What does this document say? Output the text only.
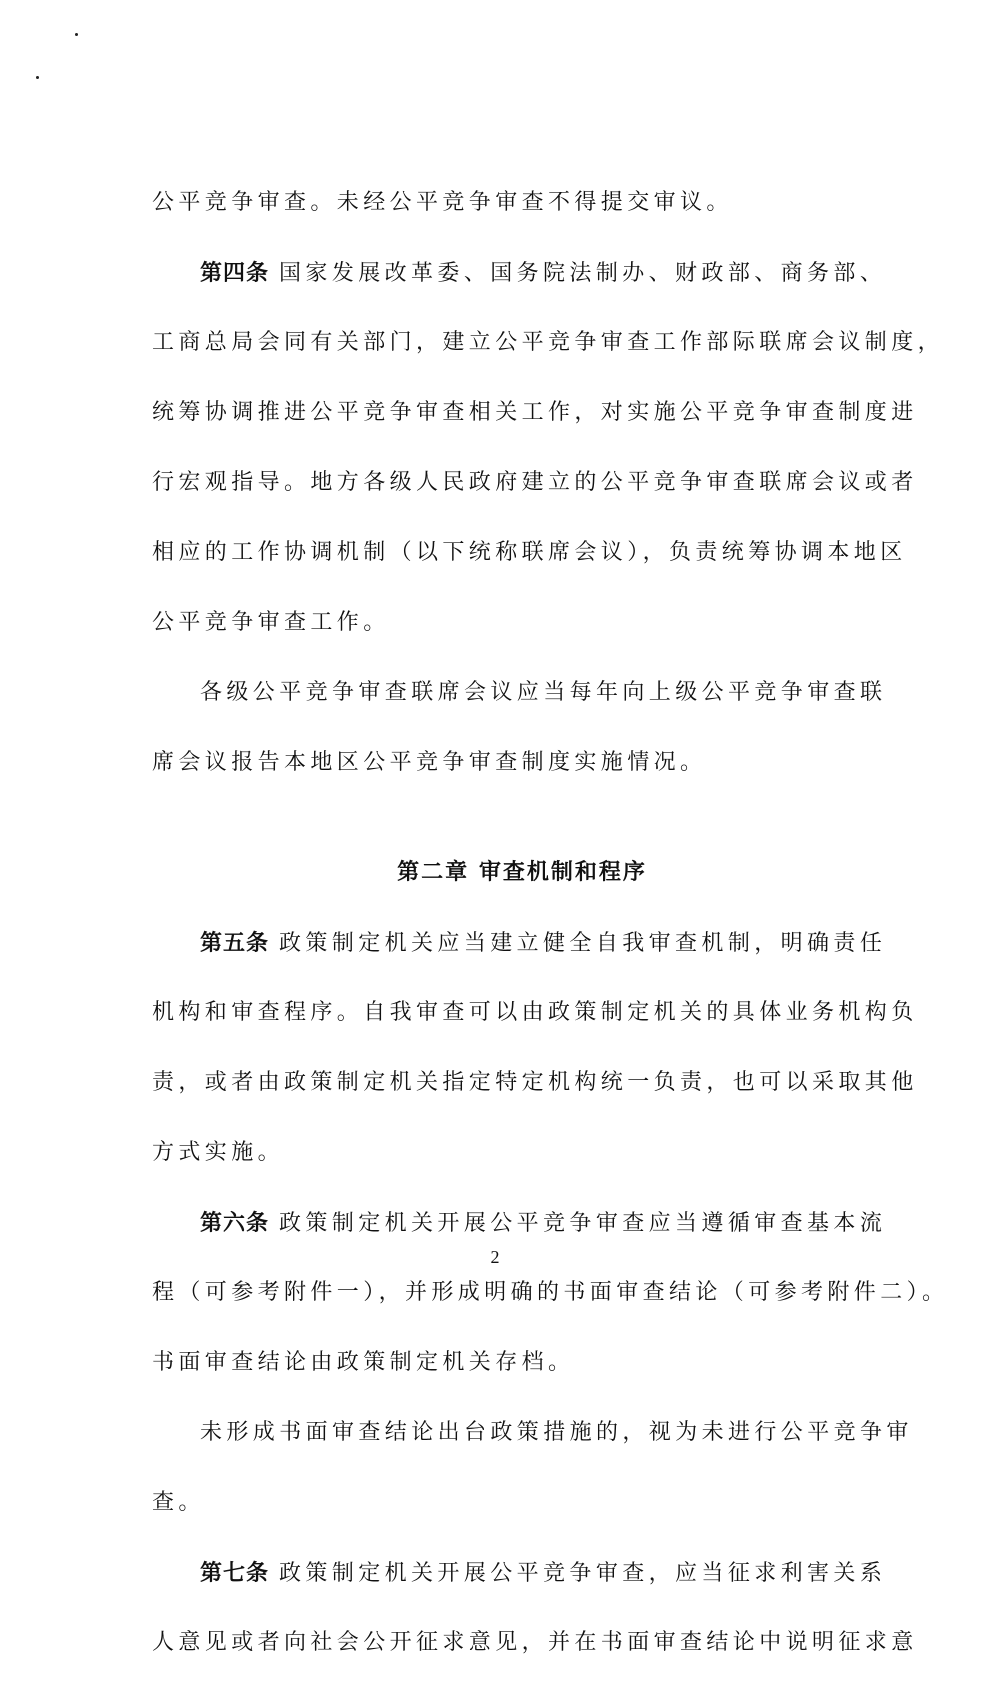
公平竞争审查。未经公平竞争审查不得提交审议。
第四条 国家发展改革委、国务院法制办、财政部、商务部、
工商总局会同有关部门，建立公平竞争审查工作部际联席会议制度，
统筹协调推进公平竞争审查相关工作，对实施公平竞争审查制度进
行宏观指导。地方各级人民政府建立的公平竞争审查联席会议或者
相应的工作协调机制（以下统称联席会议），负责统筹协调本地区
公平竞争审查工作。
各级公平竞争审查联席会议应当每年向上级公平竞争审查联
席会议报告本地区公平竞争审查制度实施情况。
第二章 审查机制和程序
第五条 政策制定机关应当建立健全自我审查机制，明确责任
机构和审查程序。自我审查可以由政策制定机关的具体业务机构负
责，或者由政策制定机关指定特定机构统一负责，也可以采取其他
方式实施。
第六条 政策制定机关开展公平竞争审查应当遵循审查基本流
程（可参考附件一），并形成明确的书面审查结论（可参考附件二）。
书面审查结论由政策制定机关存档。
未形成书面审查结论出台政策措施的，视为未进行公平竞争审
查。
第七条 政策制定机关开展公平竞争审查，应当征求利害关系
人意见或者向社会公开征求意见，并在书面审查结论中说明征求意
2
